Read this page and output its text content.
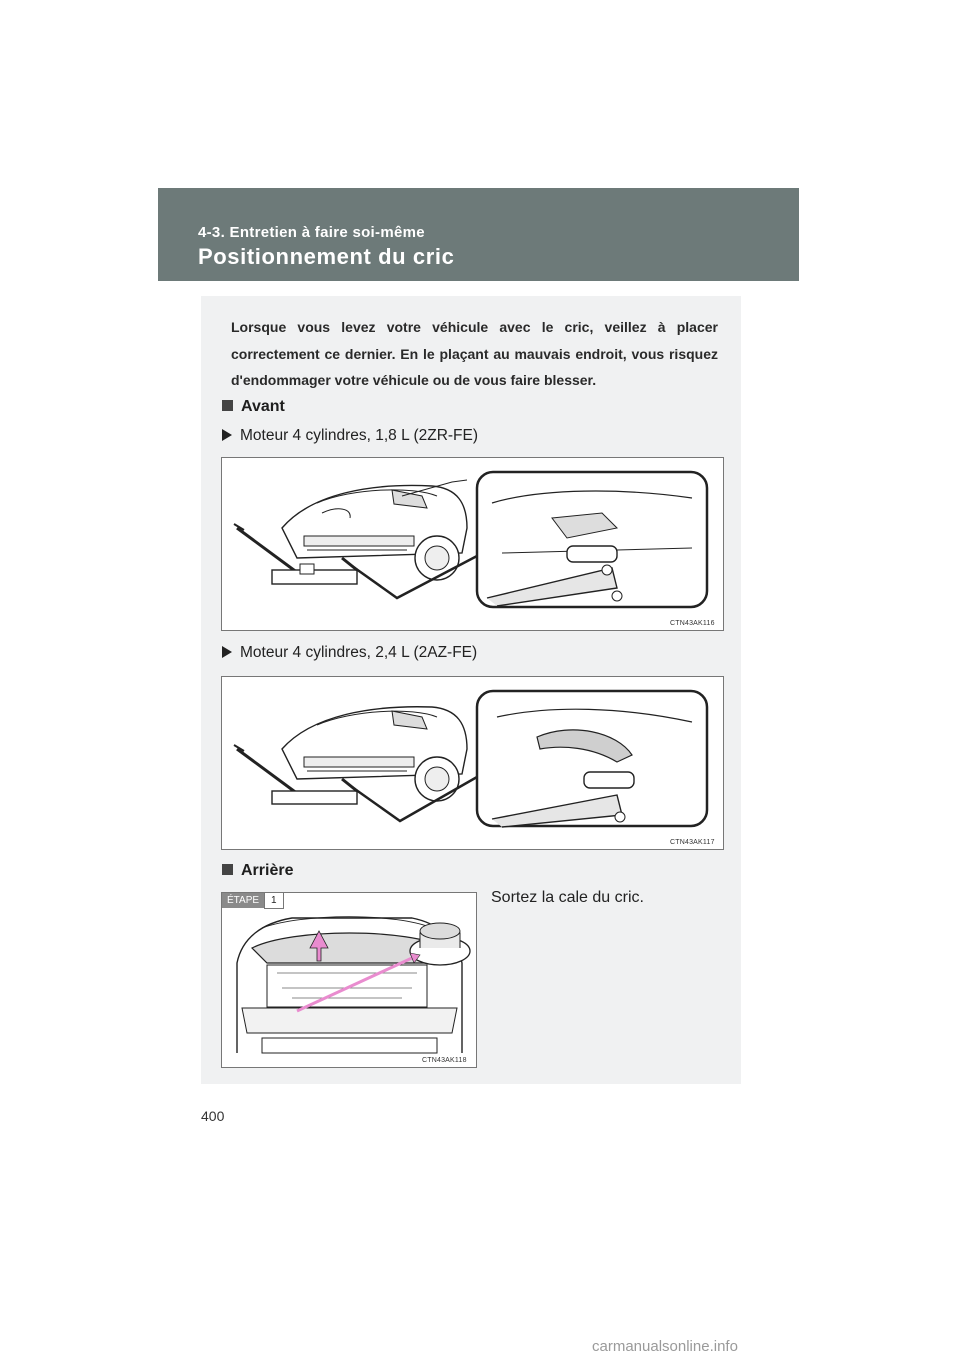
4-3. Entretien à faire soi-même
Positionnement du cric
Lorsque vous levez votre véhicule avec le cric, veillez à placer correctement ce dernier. En le plaçant au mauvais endroit, vous risquez d'endommager votre véhicule ou de vous faire blesser.
Avant
Moteur 4 cylindres, 1,8 L (2ZR-FE)
CTN43AK116
Moteur 4 cylindres, 2,4 L (2AZ-FE)
CTN43AK117
Arrière
ÉTAPE 1
CTN43AK118
Sortez la cale du cric.
400
carmanualsonline.info
